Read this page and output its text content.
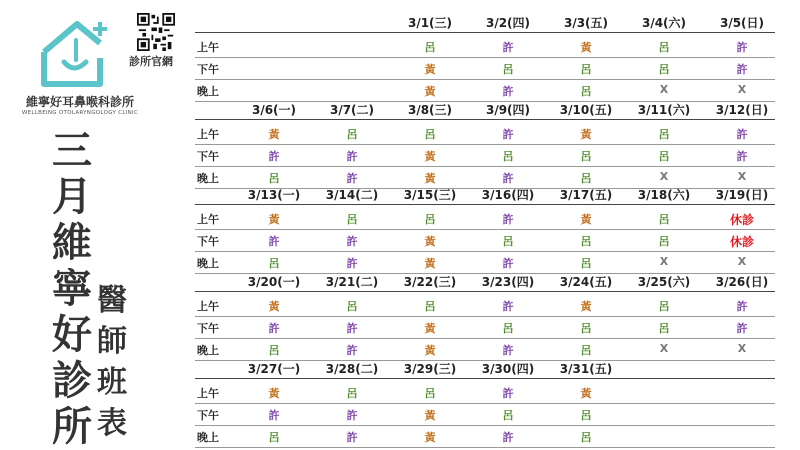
診所官網
維寧好耳鼻喉科診所
WELLBEING OTOLARYNGOLOGY CLINIC
三
月
維
寧
好
診
所
醫
師
班
表
3/1(三)	3/2(四)	3/3(五)	3/4(六)	3/5(日)
上午	呂	許	黃	呂	許
下午	黃	呂	呂	呂	許
晚上	黃	許	呂	X	X
3/6(一)	3/7(二)	3/8(三)	3/9(四)	3/10(五)	3/11(六)	3/12(日)
上午	黃	呂	呂	許	黃	呂	許
下午	許	許	黃	呂	呂	呂	許
晚上	呂	許	黃	許	呂	X	X
3/13(一)	3/14(二)	3/15(三)	3/16(四)	3/17(五)	3/18(六)	3/19(日)
上午	黃	呂	呂	許	黃	呂	休診
下午	許	許	黃	呂	呂	呂	休診
晚上	呂	許	黃	許	呂	X	X
3/20(一)	3/21(二)	3/22(三)	3/23(四)	3/24(五)	3/25(六)	3/26(日)
上午	黃	呂	呂	許	黃	呂	許
下午	許	許	黃	呂	呂	呂	許
晚上	呂	許	黃	許	呂	X	X
3/27(一)	3/28(二)	3/29(三)	3/30(四)	3/31(五)
上午	黃	呂	呂	許	黃
下午	許	許	黃	呂	呂
晚上	呂	許	黃	許	呂
